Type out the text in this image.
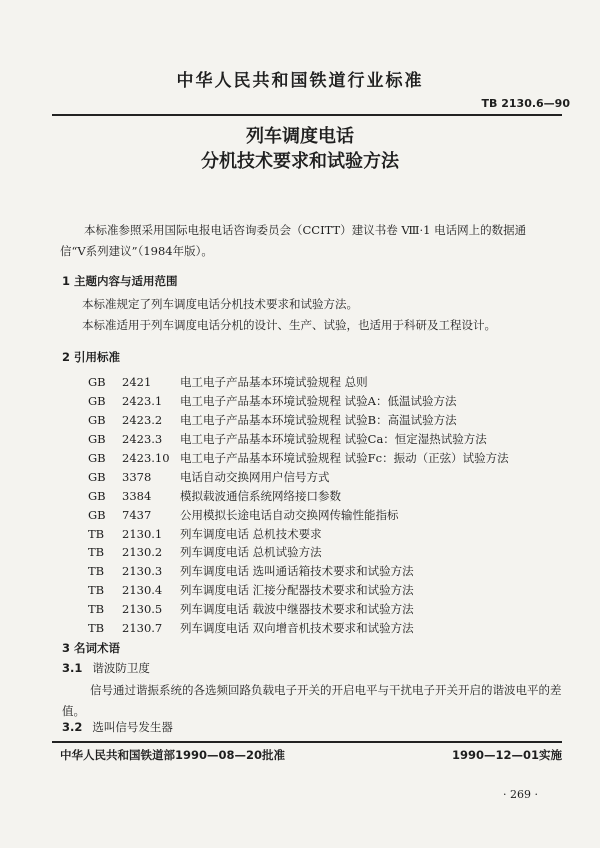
中华人民共和国铁道行业标准
TB 2130.6—90
列车调度电话
分机技术要求和试验方法
本标准参照采用国际电报电话咨询委员会（CCITT）建议书卷 Ⅷ·1 电话网上的数据通信“V系列建议”（1984年版）。
1 主题内容与适用范围
本标准规定了列车调度电话分机技术要求和试验方法。
本标准适用于列车调度电话分机的设计、生产、试验，也适用于科研及工程设计。
2 引用标准
GB	2421	电工电子产品基本环境试验规程 总则
GB	2423.1	电工电子产品基本环境试验规程 试验A：低温试验方法
GB	2423.2	电工电子产品基本环境试验规程 试验B：高温试验方法
GB	2423.3	电工电子产品基本环境试验规程 试验Ca：恒定湿热试验方法
GB	2423.10 电工电子产品基本环境试验规程 试验Fc：振动（正弦）试验方法
GB	3378	电话自动交换网用户信号方式
GB	3384	模拟载波通信系统网络接口参数
GB	7437	公用模拟长途电话自动交换网传输性能指标
TB	2130.1	列车调度电话 总机技术要求
TB	2130.2	列车调度电话 总机试验方法
TB	2130.3	列车调度电话 选叫通话箱技术要求和试验方法
TB	2130.4	列车调度电话 汇接分配器技术要求和试验方法
TB	2130.5	列车调度电话 载波中继器技术要求和试验方法
TB	2130.7	列车调度电话 双向增音机技术要求和试验方法
3 名词术语
3.1 谐波防卫度
信号通过谐振系统的各选频回路负载电子开关的开启电平与干扰电子开关开启的谐波电平的差值。
3.2 选叫信号发生器
中华人民共和国铁道部1990—08—20批准	1990—12—01实施
· 269 ·
